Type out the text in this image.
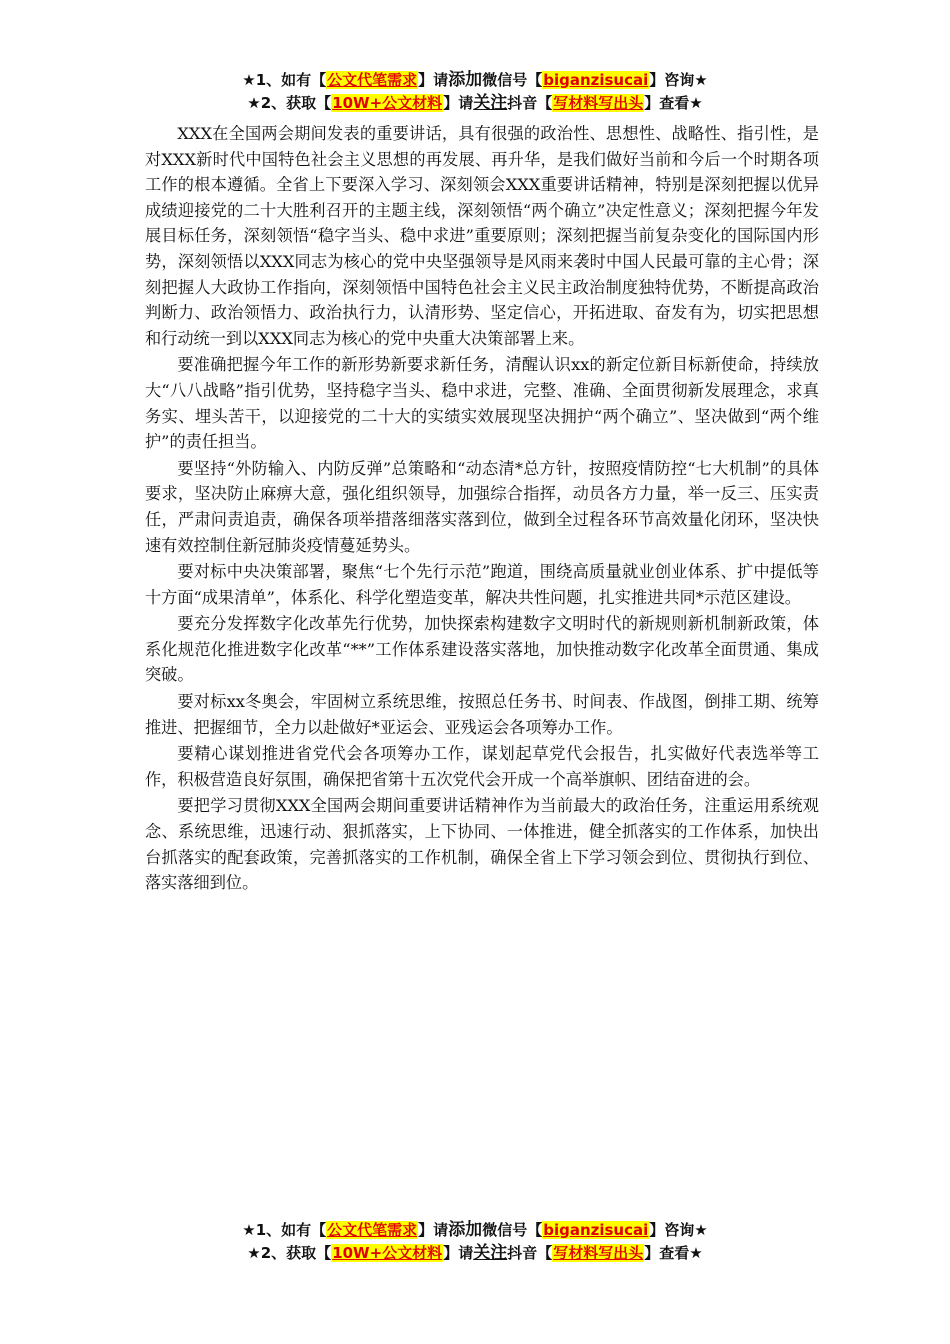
★1、如有【公文代笔需求】请添加微信号【biganzisucai】咨询★
★2、获取【10W+公文材料】请关注抖音【写材料写出头】查看★

XXX在全国两会期间发表的重要讲话，具有很强的政治性、思想性、战略性、指引性，是对XXX新时代中国特色社会主义思想的再发展、再升华，是我们做好当前和今后一个时期各项工作的根本遵循。全省上下要深入学习、深刻领会XXX重要讲话精神，特别是深刻把握以优异成绩迎接党的二十大胜利召开的主题主线，深刻领悟“两个确立”决定性意义；深刻把握今年发展目标任务，深刻领悟“稳字当头、稳中求进”重要原则；深刻把握当前复杂变化的国际国内形势，深刻领悟以XXX同志为核心的党中央坚强领导是风雨来袭时中国人民最可靠的主心骨；深刻把握人大政协工作指向，深刻领悟中国特色社会主义民主政治制度独特优势，不断提高政治判断力、政治领悟力、政治执行力，认清形势、坚定信心，开拓进取、奋发有为，切实把思想和行动统一到以XXX同志为核心的党中央重大决策部署上来。

要准确把握今年工作的新形势新要求新任务，清醒认识xx的新定位新目标新使命，持续放大“八八战略”指引优势，坚持稳字当头、稳中求进，完整、准确、全面贯彻新发展理念，求真务实、埋头苦干，以迎接党的二十大的实绩实效展现坚决拥护“两个确立”、坚决做到“两个维护”的责任担当。

要坚持“外防输入、内防反弹”总策略和“动态清*总方针，按照疫情防控“七大机制”的具体要求，坚决防止麻痹大意，强化组织领导，加强综合指挥，动员各方力量，举一反三、压实责任，严肃问责追责，确保各项举措落细落实落到位，做到全过程各环节高效量化闭环，坚决快速有效控制住新冠肺炎疫情蔓延势头。

要对标中央决策部署，聚焦“七个先行示范”跑道，围绕高质量就业创业体系、扩中提低等十方面“成果清单”，体系化、科学化塑造变革，解决共性问题，扎实推进共同*示范区建设。

要充分发挥数字化改革先行优势，加快探索构建数字文明时代的新规则新机制新政策，体系化规范化推进数字化改革“**”工作体系建设落实落地，加快推动数字化改革全面贯通、集成突破。

要对标xx冬奥会，牢固树立系统思维，按照总任务书、时间表、作战图，倒排工期、统筹推进、把握细节，全力以赴做好*亚运会、亚残运会各项筹办工作。

要精心谋划推进省党代会各项筹办工作，谋划起草党代会报告，扎实做好代表选举等工作，积极营造良好氛围，确保把省第十五次党代会开成一个高举旗帜、团结奋进的会。

要把学习贯彻XXX全国两会期间重要讲话精神作为当前最大的政治任务，注重运用系统观念、系统思维，迅速行动、狠抓落实，上下协同、一体推进，健全抓落实的工作体系，加快出台抓落实的配套政策，完善抓落实的工作机制，确保全省上下学习领会到位、贯彻执行到位、落实落细到位。

★1、如有【公文代笔需求】请添加微信号【biganzisucai】咨询★
★2、获取【10W+公文材料】请关注抖音【写材料写出头】查看★
